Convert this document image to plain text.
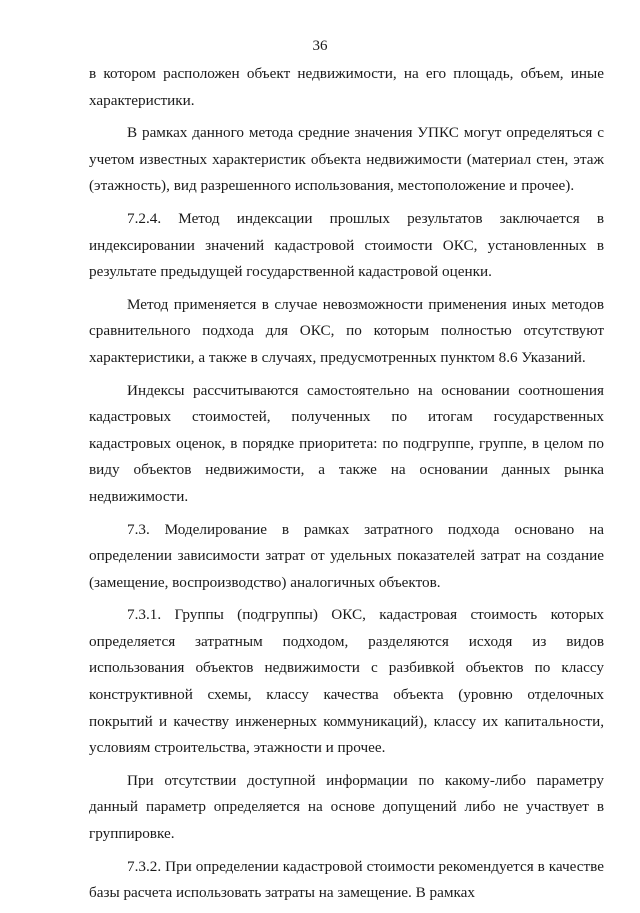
36

в котором расположен объект недвижимости, на его площадь, объем, иные характеристики.

В рамках данного метода средние значения УПКС могут определяться с учетом известных характеристик объекта недвижимости (материал стен, этаж (этажность), вид разрешенного использования, местоположение и прочее).

7.2.4. Метод индексации прошлых результатов заключается в индексировании значений кадастровой стоимости ОКС, установленных в результате предыдущей государственной кадастровой оценки.

Метод применяется в случае невозможности применения иных методов сравнительного подхода для ОКС, по которым полностью отсутствуют характеристики, а также в случаях, предусмотренных пунктом 8.6 Указаний.

Индексы рассчитываются самостоятельно на основании соотношения кадастровых стоимостей, полученных по итогам государственных кадастровых оценок, в порядке приоритета: по подгруппе, группе, в целом по виду объектов недвижимости, а также на основании данных рынка недвижимости.

7.3. Моделирование в рамках затратного подхода основано на определении зависимости затрат от удельных показателей затрат на создание (замещение, воспроизводство) аналогичных объектов.

7.3.1. Группы (подгруппы) ОКС, кадастровая стоимость которых определяется затратным подходом, разделяются исходя из видов использования объектов недвижимости с разбивкой объектов по классу конструктивной схемы, классу качества объекта (уровню отделочных покрытий и качеству инженерных коммуникаций), классу их капитальности, условиям строительства, этажности и прочее.

При отсутствии доступной информации по какому-либо параметру данный параметр определяется на основе допущений либо не участвует в группировке.

7.3.2. При определении кадастровой стоимости рекомендуется в качестве базы расчета использовать затраты на замещение. В рамках
